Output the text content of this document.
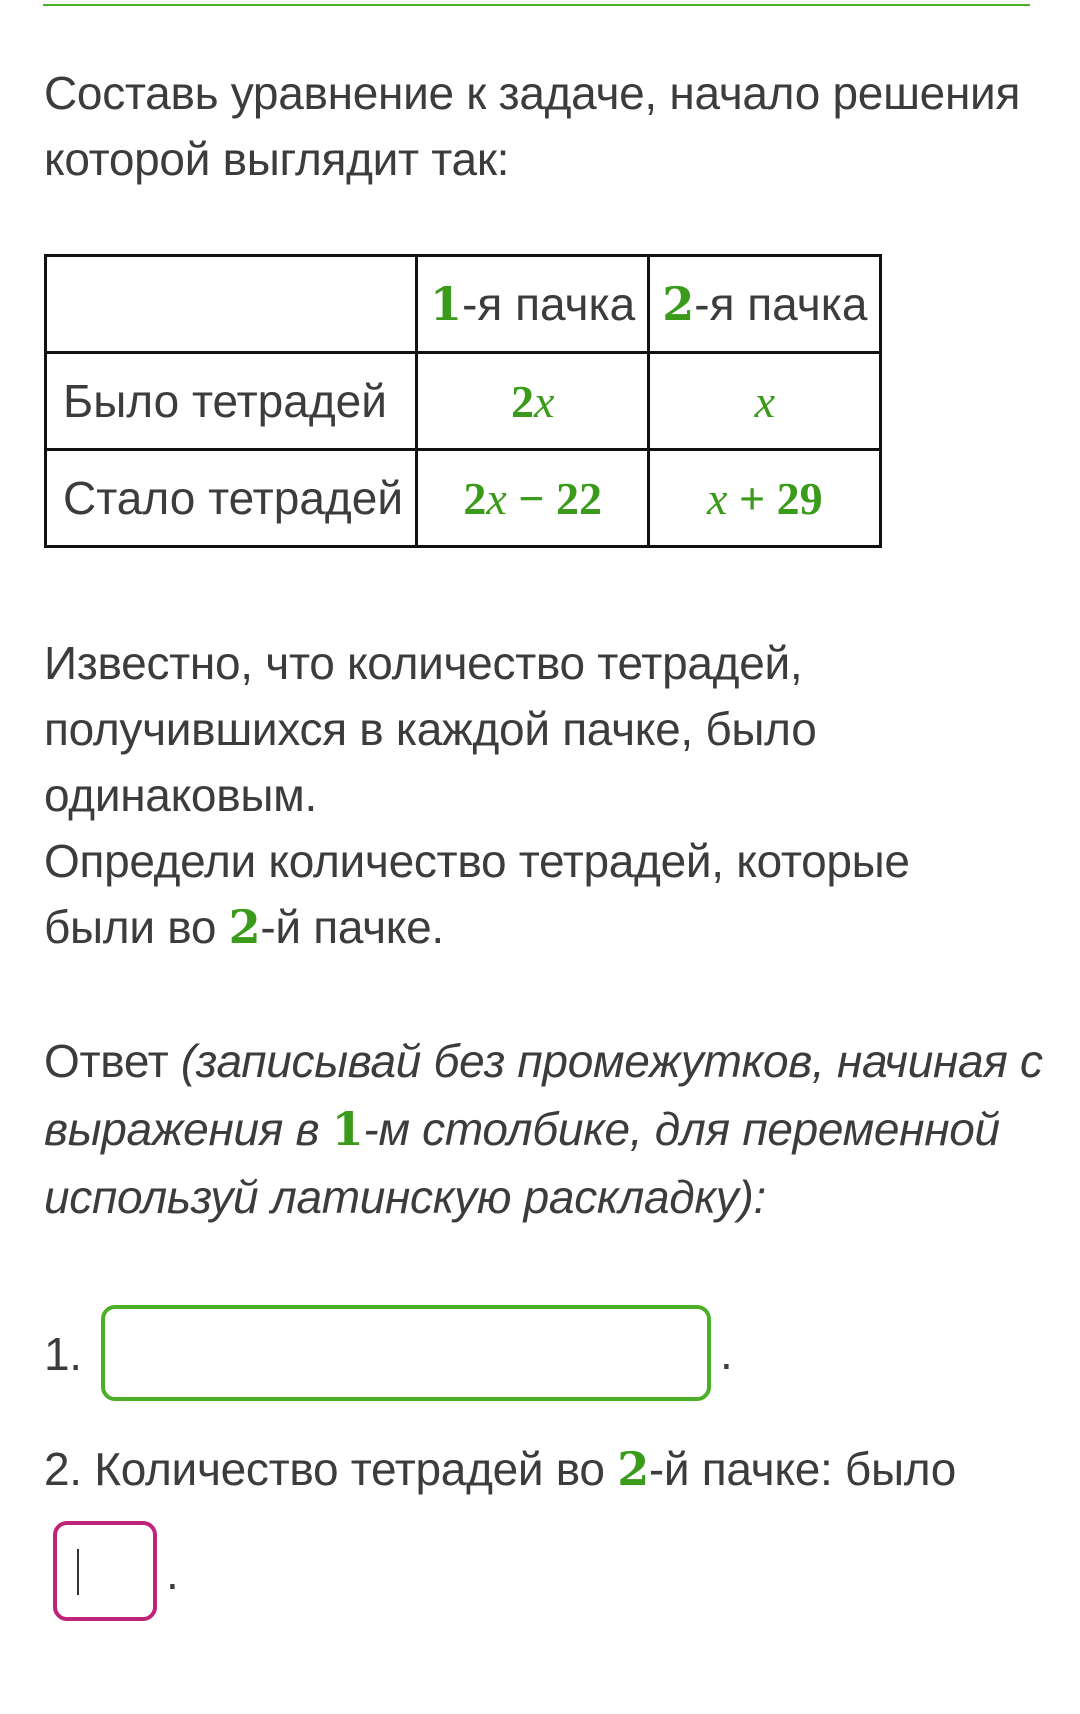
Составь уравнение к задаче, начало решения

которой выглядит так:

	1-я пачка	2-я пачка
Было тетрадей	2x	x
Стало тетрадей	2x − 22	x + 29

Известно, что количество тетрадей,

получившихся в каждой пачке, было

одинаковым.

Определи количество тетрадей, которые

были во 2-й пачке.

Ответ (записывай без промежутков, начиная с

выражения в 1-м столбике, для переменной

используй латинскую раскладку):

1.	.

2. Количество тетрадей во 2-й пачке: было

.
